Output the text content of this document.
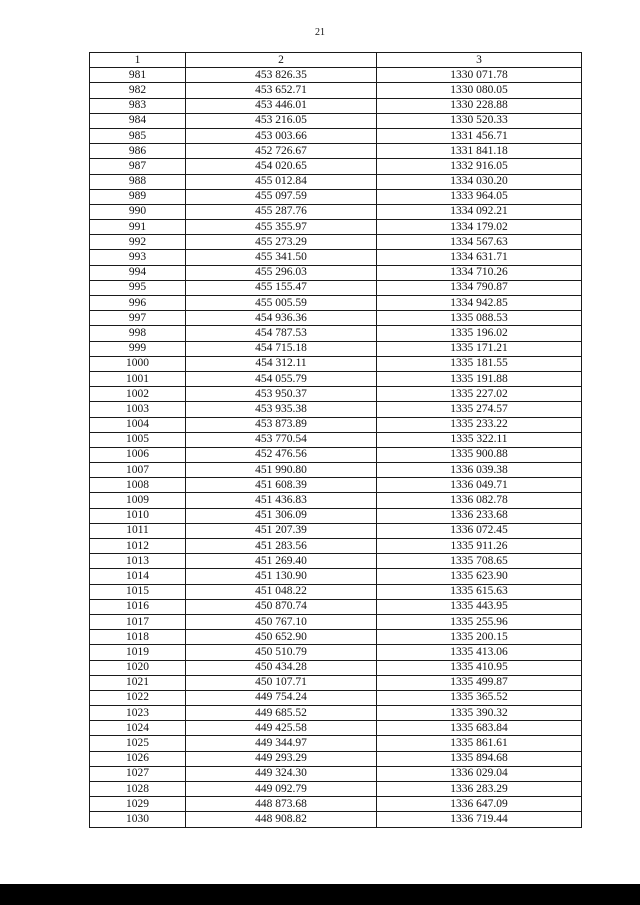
21
1	2	3
981	453 826.35	1330 071.78
982	453 652.71	1330 080.05
983	453 446.01	1330 228.88
984	453 216.05	1330 520.33
985	453 003.66	1331 456.71
986	452 726.67	1331 841.18
987	454 020.65	1332 916.05
988	455 012.84	1334 030.20
989	455 097.59	1333 964.05
990	455 287.76	1334 092.21
991	455 355.97	1334 179.02
992	455 273.29	1334 567.63
993	455 341.50	1334 631.71
994	455 296.03	1334 710.26
995	455 155.47	1334 790.87
996	455 005.59	1334 942.85
997	454 936.36	1335 088.53
998	454 787.53	1335 196.02
999	454 715.18	1335 171.21
1000	454 312.11	1335 181.55
1001	454 055.79	1335 191.88
1002	453 950.37	1335 227.02
1003	453 935.38	1335 274.57
1004	453 873.89	1335 233.22
1005	453 770.54	1335 322.11
1006	452 476.56	1335 900.88
1007	451 990.80	1336 039.38
1008	451 608.39	1336 049.71
1009	451 436.83	1336 082.78
1010	451 306.09	1336 233.68
1011	451 207.39	1336 072.45
1012	451 283.56	1335 911.26
1013	451 269.40	1335 708.65
1014	451 130.90	1335 623.90
1015	451 048.22	1335 615.63
1016	450 870.74	1335 443.95
1017	450 767.10	1335 255.96
1018	450 652.90	1335 200.15
1019	450 510.79	1335 413.06
1020	450 434.28	1335 410.95
1021	450 107.71	1335 499.87
1022	449 754.24	1335 365.52
1023	449 685.52	1335 390.32
1024	449 425.58	1335 683.84
1025	449 344.97	1335 861.61
1026	449 293.29	1335 894.68
1027	449 324.30	1336 029.04
1028	449 092.79	1336 283.29
1029	448 873.68	1336 647.09
1030	448 908.82	1336 719.44
